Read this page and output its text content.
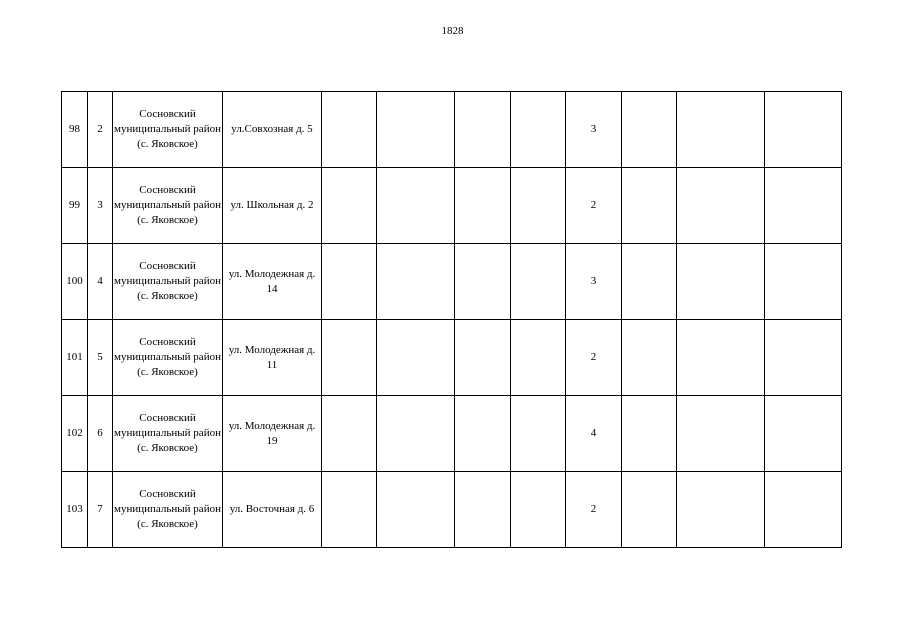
1828
98	2	Сосновский муниципальный район (с. Яковское)	ул.Совхозная д. 5					3			
99	3	Сосновский муниципальный район (с. Яковское)	ул. Школьная д. 2					2			
100	4	Сосновский муниципальный район (с. Яковское)	ул. Молодежная д. 14					3			
101	5	Сосновский муниципальный район (с. Яковское)	ул. Молодежная д. 11					2			
102	6	Сосновский муниципальный район (с. Яковское)	ул. Молодежная д. 19					4			
103	7	Сосновский муниципальный район (с. Яковское)	ул. Восточная д. 6					2			
